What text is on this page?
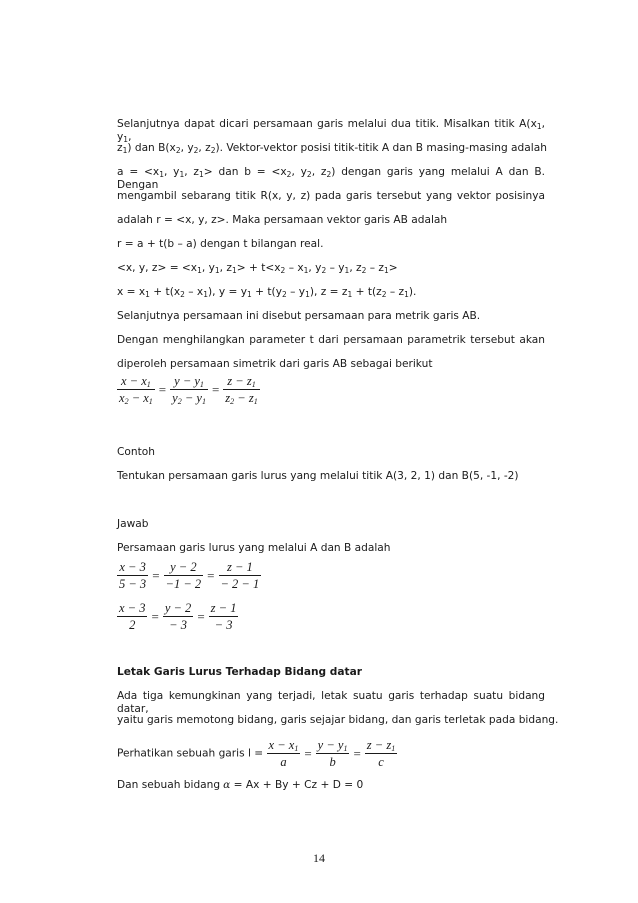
Selanjutnya dapat dicari persamaan garis melalui dua titik. Misalkan titik $A(x_1$, $y_1$,
$z_1$) dan $B(x_2$, $y_2$, $z_2$). Vektor-vektor posisi titik-titik A dan B masing-masing adalah
$a = <x_1$, $y_1$, $z_1>$ dan $b = <x_2$, $y_2$, $z_2$) dengan garis yang melalui A dan B. Dengan
mengambil sebarang titik R(x, y, z) pada garis tersebut yang vektor posisinya
adalah r = <x, y, z>. Maka persamaan vektor garis AB adalah
r = a + t(b – a) dengan t bilangan real.
<x, y, $z> = <x_1$, $y_1$, $z_1> + t<x_2 - x_1$, $y_2 - y_1$, $z_2 - z_1>$
$x = x_1 + t(x_2 - x_1)$, $y = y_1 + t(y_2 - y_1)$, $z = z_1 + t(z_2 - z_1)$.
Selanjutnya persamaan ini disebut persamaan para metrik garis AB.
Dengan menghilangkan parameter t dari persamaan parametrik tersebut akan
diperoleh persamaan simetrik dari garis AB sebagai berikut
$\frac{x - x_1}{x_2 - x_1} = \frac{y - y_1}{y_2 - y_1} = \frac{z - z_1}{z_2 - z_1}$
Contoh
Tentukan persamaan garis lurus yang melalui titik A(3, 2, 1) dan B(5, -1, -2)
Jawab
Persamaan garis lurus yang melalui A dan B adalah
$\frac{x - 3}{5 - 3} = \frac{y - 2}{-1 - 2} = \frac{z - 1}{- 2 - 1}$
$\frac{x - 3}{2} = \frac{y - 2}{- 3} = \frac{z - 1}{- 3}$
Letak Garis Lurus Terhadap Bidang datar
Ada tiga kemungkinan yang terjadi, letak suatu garis terhadap suatu bidang datar,
yaitu garis memotong bidang, garis sejajar bidang, dan garis terletak pada bidang.
Perhatikan sebuah garis $l = \frac{x - x_1}{a} = \frac{y - y_1}{b} = \frac{z - z_1}{c}$
Dan sebuah bidang α = Ax + By + Cz + D = 0
14
